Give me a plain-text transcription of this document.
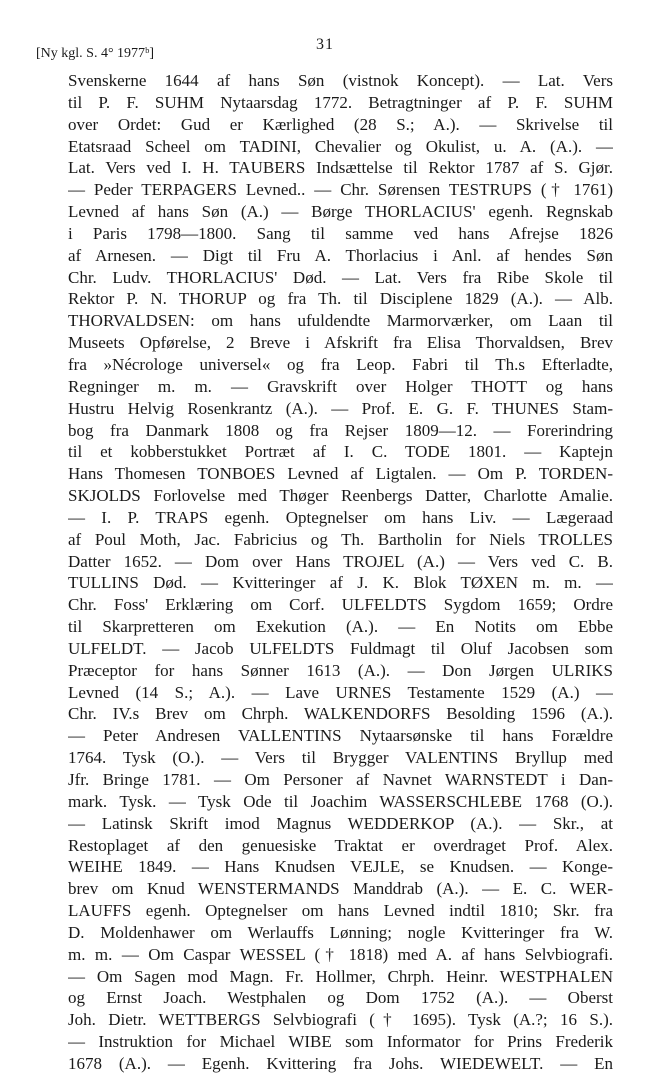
31
[Ny kgl. S. 4° 1977ᵇ]
Svenskerne 1644 af hans Søn (vistnok Koncept). — Lat. Vers
til P. F. SUHM Nytaarsdag 1772. Betragtninger af P. F. SUHM
over Ordet: Gud er Kærlighed (28 S.; A.). — Skrivelse til
Etatsraad Scheel om TADINI, Chevalier og Okulist, u. A. (A.). —
Lat. Vers ved I. H. TAUBERS Indsættelse til Rektor 1787 af S. Gjør.
— Peder TERPAGERS Levned.. — Chr. Sørensen TESTRUPS († 1761)
Levned af hans Søn (A.) — Børge THORLACIUS' egenh. Regnskab
i Paris 1798—1800. Sang til samme ved hans Afrejse 1826
af Arnesen. — Digt til Fru A. Thorlacius i Anl. af hendes Søn
Chr. Ludv. THORLACIUS' Død. — Lat. Vers fra Ribe Skole til
Rektor P. N. THORUP og fra Th. til Disciplene 1829 (A.). — Alb.
THORVALDSEN: om hans ufuldendte Marmorværker, om Laan til
Museets Opførelse, 2 Breve i Afskrift fra Elisa Thorvaldsen, Brev
fra »Nécrologe universel« og fra Leop. Fabri til Th.s Efterladte,
Regninger m. m. — Gravskrift over Holger THOTT og hans
Hustru Helvig Rosenkrantz (A.). — Prof. E. G. F. THUNES Stam-
bog fra Danmark 1808 og fra Rejser 1809—12. — Forerindring
til et kobberstukket Portræt af I. C. TODE 1801. — Kaptejn
Hans Thomesen TONBOES Levned af Ligtalen. — Om P. TORDEN-
SKJOLDS Forlovelse med Thøger Reenbergs Datter, Charlotte Amalie.
— I. P. TRAPS egenh. Optegnelser om hans Liv. — Lægeraad
af Poul Moth, Jac. Fabricius og Th. Bartholin for Niels TROLLES
Datter 1652. — Dom over Hans TROJEL (A.) — Vers ved C. B.
TULLINS Død. — Kvitteringer af J. K. Blok TØXEN m. m. —
Chr. Foss' Erklæring om Corf. ULFELDTS Sygdom 1659; Ordre
til Skarpretteren om Exekution (A.). — En Notits om Ebbe
ULFELDT. — Jacob ULFELDTS Fuldmagt til Oluf Jacobsen som
Præceptor for hans Sønner 1613 (A.). — Don Jørgen ULRIKS
Levned (14 S.; A.). — Lave URNES Testamente 1529 (A.) —
Chr. IV.s Brev om Chrph. WALKENDORFS Besolding 1596 (A.).
— Peter Andresen VALLENTINS Nytaarsønske til hans Forældre
1764. Tysk (O.). — Vers til Brygger VALENTINS Bryllup med
Jfr. Bringe 1781. — Om Personer af Navnet WARNSTEDT i Dan-
mark. Tysk. — Tysk Ode til Joachim WASSERSCHLEBE 1768 (O.).
— Latinsk Skrift imod Magnus WEDDERKOP (A.). — Skr., at
Restoplaget af den genuesiske Traktat er overdraget Prof. Alex.
WEIHE 1849. — Hans Knudsen VEJLE, se Knudsen. — Konge-
brev om Knud WENSTERMANDS Manddrab (A.). — E. C. WER-
LAUFFS egenh. Optegnelser om hans Levned indtil 1810; Skr. fra
D. Moldenhawer om Werlauffs Lønning; nogle Kvitteringer fra W.
m. m. — Om Caspar WESSEL († 1818) med A. af hans Selvbiografi.
— Om Sagen mod Magn. Fr. Hollmer, Chrph. Heinr. WESTPHALEN
og Ernst Joach. Westphalen og Dom 1752 (A.). — Oberst
Joh. Dietr. WETTBERGS Selvbiografi († 1695). Tysk (A.?; 16 S.).
— Instruktion for Michael WIBE som Informator for Prins Frederik
1678 (A.). — Egenh. Kvittering fra Johs. WIEDEWELT. — En
